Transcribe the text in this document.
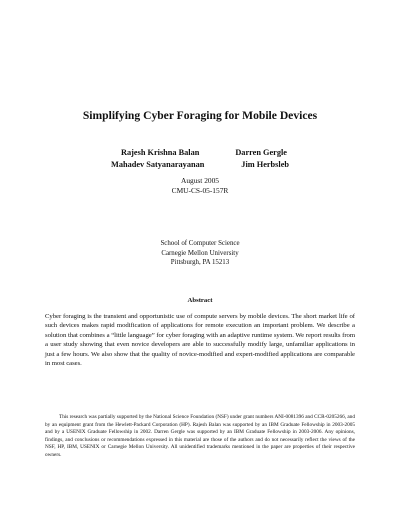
Simplifying Cyber Foraging for Mobile Devices
Rajesh Krishna Balan	Darren Gergle
Mahadev Satyanarayanan	Jim Herbsleb
August 2005
CMU-CS-05-157R
School of Computer Science
Carnegie Mellon University
Pittsburgh, PA 15213
Abstract
Cyber foraging is the transient and opportunistic use of compute servers by mobile devices. The short market life of such devices makes rapid modification of applications for remote execution an important problem. We describe a solution that combines a “little language” for cyber foraging with an adaptive runtime system. We report results from a user study showing that even novice developers are able to successfully modify large, unfamiliar applications in just a few hours. We also show that the quality of novice-modified and expert-modified applications are comparable in most cases.
This research was partially supported by the National Science Foundation (NSF) under grant numbers ANI-0081396 and CCR-0205266, and by an equipment grant from the Hewlett-Packard Corporation (HP). Rajesh Balan was supported by an IBM Graduate Fellowship in 2003-2005 and by a USENIX Graduate Fellowship in 2002. Darren Gergle was supported by an IBM Graduate Fellowship in 2003-2006. Any opinions, findings, and conclusions or recommendations expressed in this material are those of the authors and do not necessarily reflect the views of the NSF, HP, IBM, USENIX or Carnegie Mellon University. All unidentified trademarks mentioned in the paper are properties of their respective owners.
